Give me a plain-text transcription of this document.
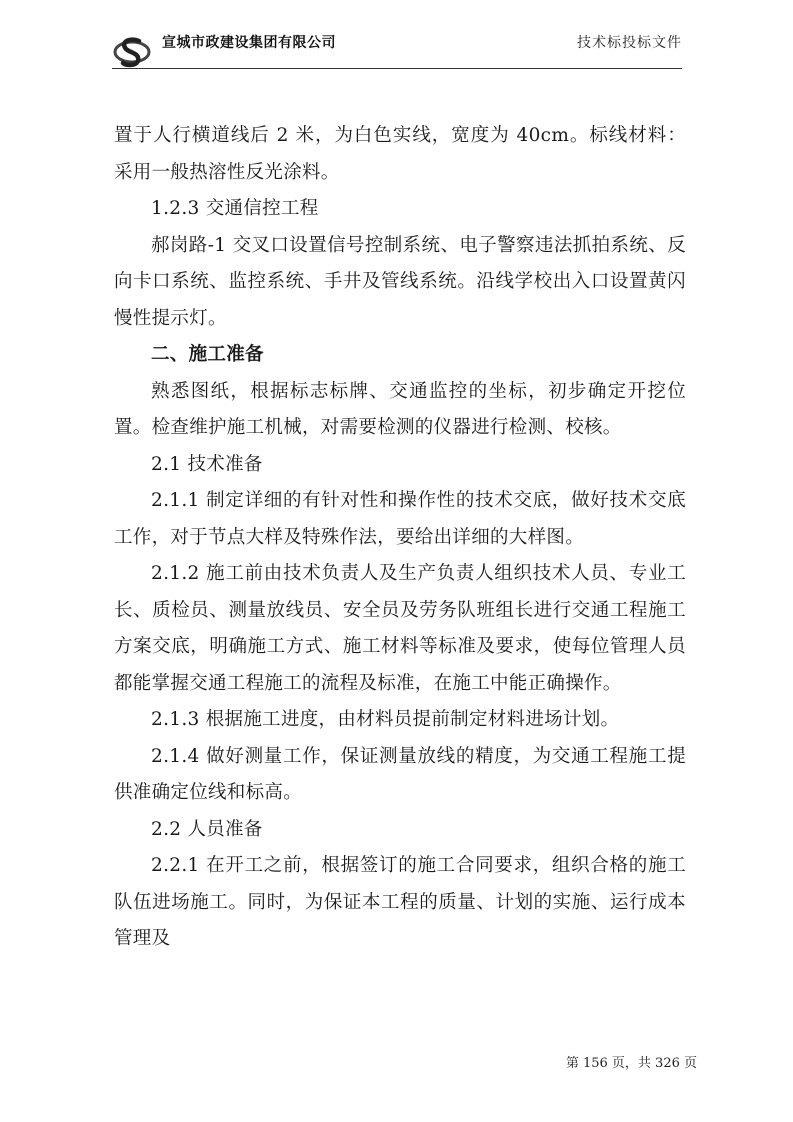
宣城市政建设集团有限公司	技术标投标文件

置于人行横道线后 2 米，为白色实线，宽度为 40cm。标线材料：采用一般热溶性反光涂料。

1.2.3 交通信控工程

郝岗路-1 交叉口设置信号控制系统、电子警察违法抓拍系统、反向卡口系统、监控系统、手井及管线系统。沿线学校出入口设置黄闪慢性提示灯。

二、施工准备

熟悉图纸，根据标志标牌、交通监控的坐标，初步确定开挖位置。检查维护施工机械，对需要检测的仪器进行检测、校核。

2.1 技术准备

2.1.1 制定详细的有针对性和操作性的技术交底，做好技术交底工作，对于节点大样及特殊作法，要给出详细的大样图。

2.1.2 施工前由技术负责人及生产负责人组织技术人员、专业工长、质检员、测量放线员、安全员及劳务队班组长进行交通工程施工方案交底，明确施工方式、施工材料等标准及要求，使每位管理人员都能掌握交通工程施工的流程及标准，在施工中能正确操作。

2.1.3 根据施工进度，由材料员提前制定材料进场计划。

2.1.4 做好测量工作，保证测量放线的精度，为交通工程施工提供准确定位线和标高。

2.2 人员准备

2.2.1 在开工之前，根据签订的施工合同要求，组织合格的施工队伍进场施工。同时，为保证本工程的质量、计划的实施、运行成本管理及

第 156 页，共 326 页
